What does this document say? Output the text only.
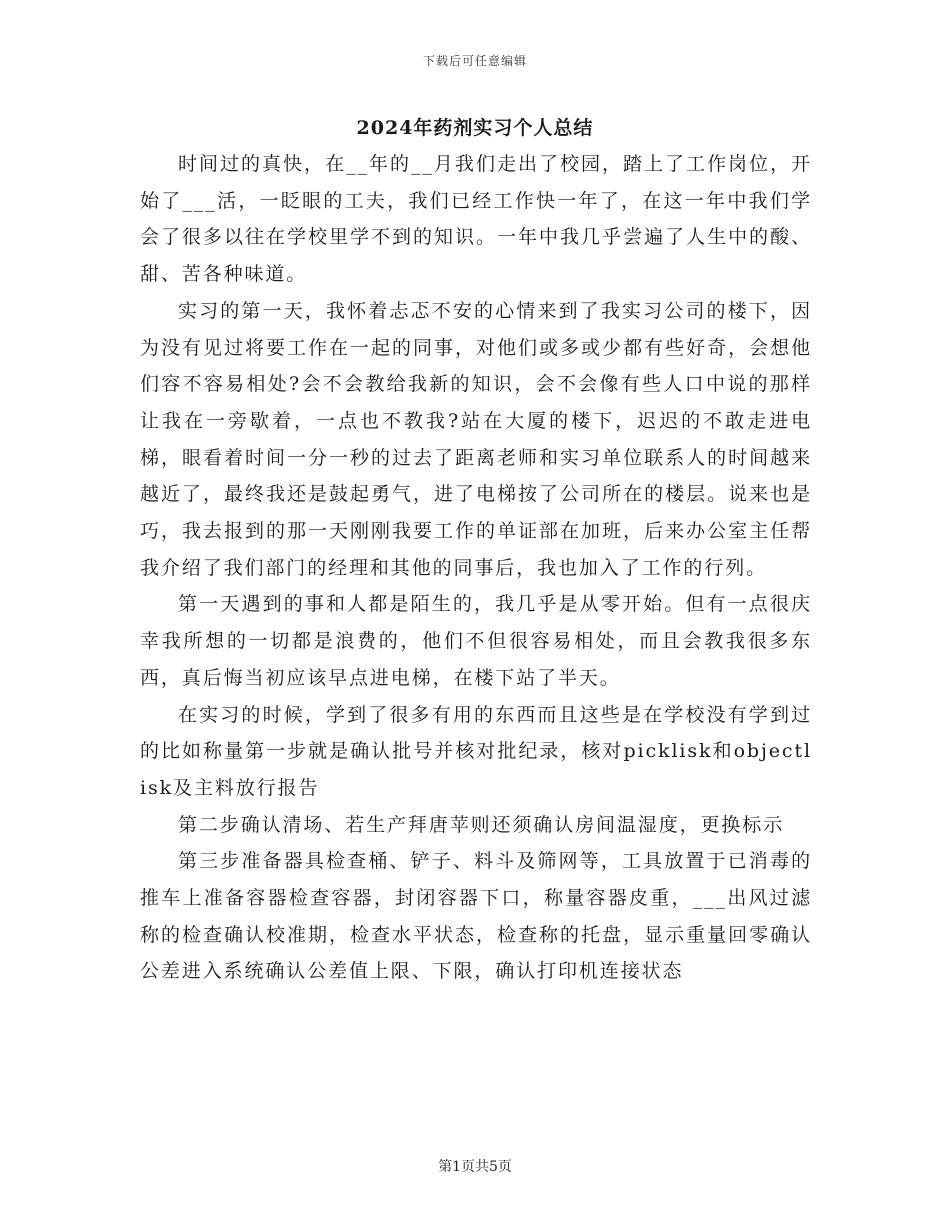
下载后可任意编辑
2024年药剂实习个人总结

时间过的真快，在__年的__月我们走出了校园，踏上了工作岗位，开始了___活，一眨眼的工夫，我们已经工作快一年了，在这一年中我们学会了很多以往在学校里学不到的知识。一年中我几乎尝遍了人生中的酸、甜、苦各种味道。

实习的第一天，我怀着忐忑不安的心情来到了我实习公司的楼下，因为没有见过将要工作在一起的同事，对他们或多或少都有些好奇，会想他们容不容易相处?会不会教给我新的知识，会不会像有些人口中说的那样让我在一旁歇着，一点也不教我?站在大厦的楼下，迟迟的不敢走进电梯，眼看着时间一分一秒的过去了距离老师和实习单位联系人的时间越来越近了，最终我还是鼓起勇气，进了电梯按了公司所在的楼层。说来也是巧，我去报到的那一天刚刚我要工作的单证部在加班，后来办公室主任帮我介绍了我们部门的经理和其他的同事后，我也加入了工作的行列。

第一天遇到的事和人都是陌生的，我几乎是从零开始。但有一点很庆幸我所想的一切都是浪费的，他们不但很容易相处，而且会教我很多东西，真后悔当初应该早点进电梯，在楼下站了半天。

在实习的时候，学到了很多有用的东西而且这些是在学校没有学到过的比如称量第一步就是确认批号并核对批纪录，核对picklisk和objectlisk及主料放行报告

第二步确认清场、若生产拜唐苹则还须确认房间温湿度，更换标示

第三步准备器具检查桶、铲子、料斗及筛网等，工具放置于已消毒的推车上准备容器检查容器，封闭容器下口，称量容器皮重，___出风过滤称的检查确认校准期，检查水平状态，检查称的托盘，显示重量回零确认公差进入系统确认公差值上限、下限，确认打印机连接状态

第1页共5页
